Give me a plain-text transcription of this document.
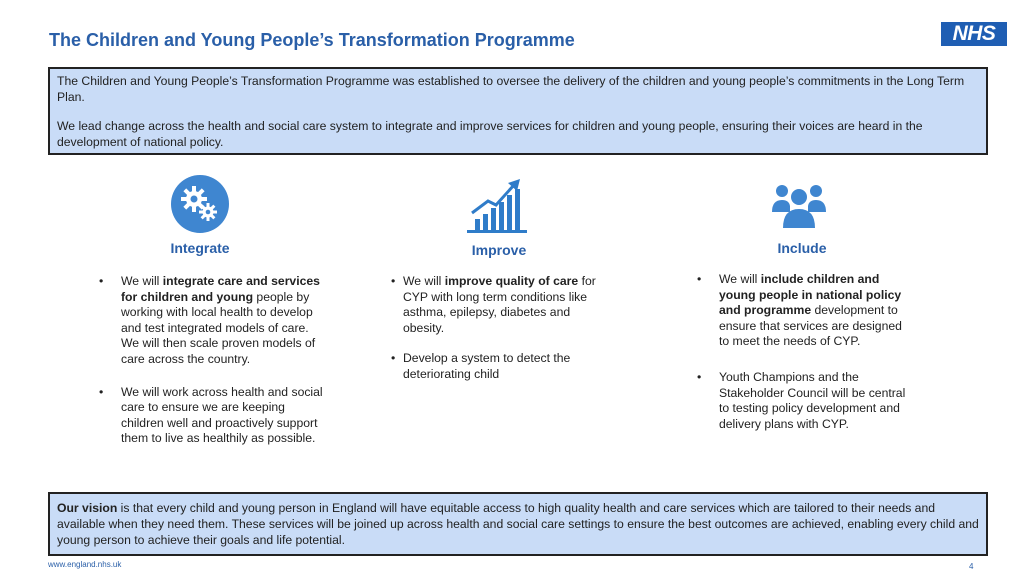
The Children and Young People’s Transformation Programme	NHS

The Children and Young People’s Transformation Programme was established to oversee the delivery of the children and young people’s commitments in the Long Term Plan.

We lead change across the health and social care system to integrate and improve services for children and young people, ensuring their voices are heard in the development of national policy.

Integrate
• We will integrate care and services for children and young people by working with local health to develop and test integrated models of care. We will then scale proven models of care across the country.
• We will work across health and social care to ensure we are keeping children well and proactively support them to live as healthily as possible.
Improve
• We will improve quality of care for CYP with long term conditions like asthma, epilepsy, diabetes and obesity.
• Develop a system to detect the deteriorating child
Include
• We will include children and young people in national policy and programme development to ensure that services are designed to meet the needs of CYP.
• Youth Champions and the Stakeholder Council will be central to testing policy development and delivery plans with CYP.
Our vision is that every child and young person in England will have equitable access to high quality health and care services which are tailored to their needs and available when they need them. These services will be joined up across health and social care settings to ensure the best outcomes are achieved, enabling every child and young person to achieve their goals and life potential.
www.england.nhs.uk	4
